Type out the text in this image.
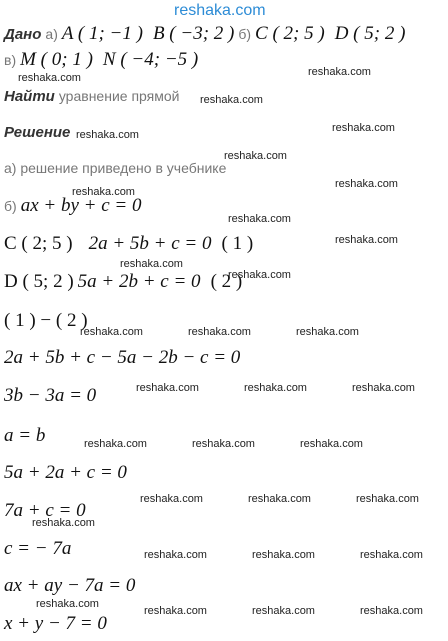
reshaka.com
Дано а) A ( 1; −1 ) B ( −3; 2 ) б) C ( 2; 5 ) D ( 5; 2 )
в) M ( 0; 1 ) N ( −4; −5 )
Найти уравнение прямой
Решение
а) решение приведено в учебнике
б) ax + by + c = 0
C ( 2; 5 ) 2a + 5b + c = 0 ( 1 )
D ( 5; 2 ) 5a + 2b + c = 0 ( 2 )
( 1 ) − ( 2 )
2a + 5b + c − 5a − 2b − c = 0
3b − 3a = 0
a = b
5a + 2a + c = 0
7a + c = 0
c = − 7a
ax + ay − 7a = 0
x + y − 7 = 0
reshaka.com	reshaka.com
reshaka.com
reshaka.com
reshaka.com
reshaka.com
reshaka.com
reshaka.com
reshaka.com
reshaka.com
reshaka.com
reshaka.com
reshaka.com	reshaka.com	reshaka.com
reshaka.com	reshaka.com	reshaka.com
reshaka.com	reshaka.com	reshaka.com
reshaka.com	reshaka.com	reshaka.com
reshaka.com
reshaka.com	reshaka.com	reshaka.com
reshaka.com
reshaka.com	reshaka.com	reshaka.com
